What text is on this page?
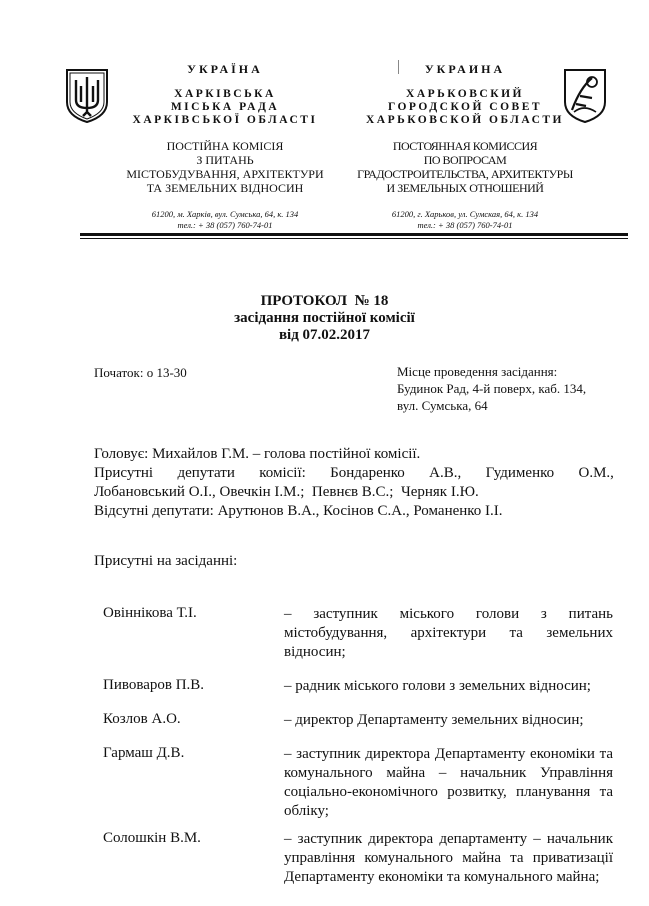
УКРАЇНА
ХАРКІВСЬКА
МІСЬКА РАДА
ХАРКІВСЬКОЇ ОБЛАСТІ
ПОСТІЙНА КОМІСІЯ
З ПИТАНЬ
МІСТОБУДУВАННЯ, АРХІТЕКТУРИ
ТА ЗЕМЕЛЬНИХ ВІДНОСИН
61200, м. Харків, вул. Сумська, 64, к. 134
тел.: + 38 (057) 760-74-01
УКРАИНА
ХАРЬКОВСКИЙ
ГОРОДСКОЙ СОВЕТ
ХАРЬКОВСКОЙ ОБЛАСТИ
ПОСТОЯННАЯ КОМИССИЯ
ПО ВОПРОСАМ
ГРАДОСТРОИТЕЛЬСТВА, АРХИТЕКТУРЫ
И ЗЕМЕЛЬНЫХ ОТНОШЕНИЙ
61200, г. Харьков, ул. Сумская, 64, к. 134
тел.: + 38 (057) 760-74-01
ПРОТОКОЛ  № 18
засідання постійної комісії
від 07.02.2017
Початок: о 13-30	Місце проведення засідання:
Будинок Рад, 4-й поверх, каб. 134,
вул. Сумська, 64
Головує: Михайлов Г.М. – голова постійної комісії.
Присутні депутати комісії: Бондаренко А.В., Гудименко О.М.,
Лобановський О.І., Овечкін І.М.;  Певнєв В.С.;  Черняк І.Ю.
Відсутні депутати: Арутюнов В.А., Косінов С.А., Романенко І.І.
Присутні на засіданні:
Овіннікова Т.І.	– заступник міського голови з питань містобудування, архітектури та земельних відносин;
Пивоваров П.В.	– радник міського голови з земельних відносин;
Козлов А.О.	– директор Департаменту земельних відносин;
Гармаш Д.В.	– заступник директора Департаменту економіки та комунального майна – начальник Управління соціально-економічного розвитку, планування та обліку;
Солошкін В.М.	– заступник директора департаменту – начальник управління комунального майна та приватизації Департаменту економіки та комунального майна;
